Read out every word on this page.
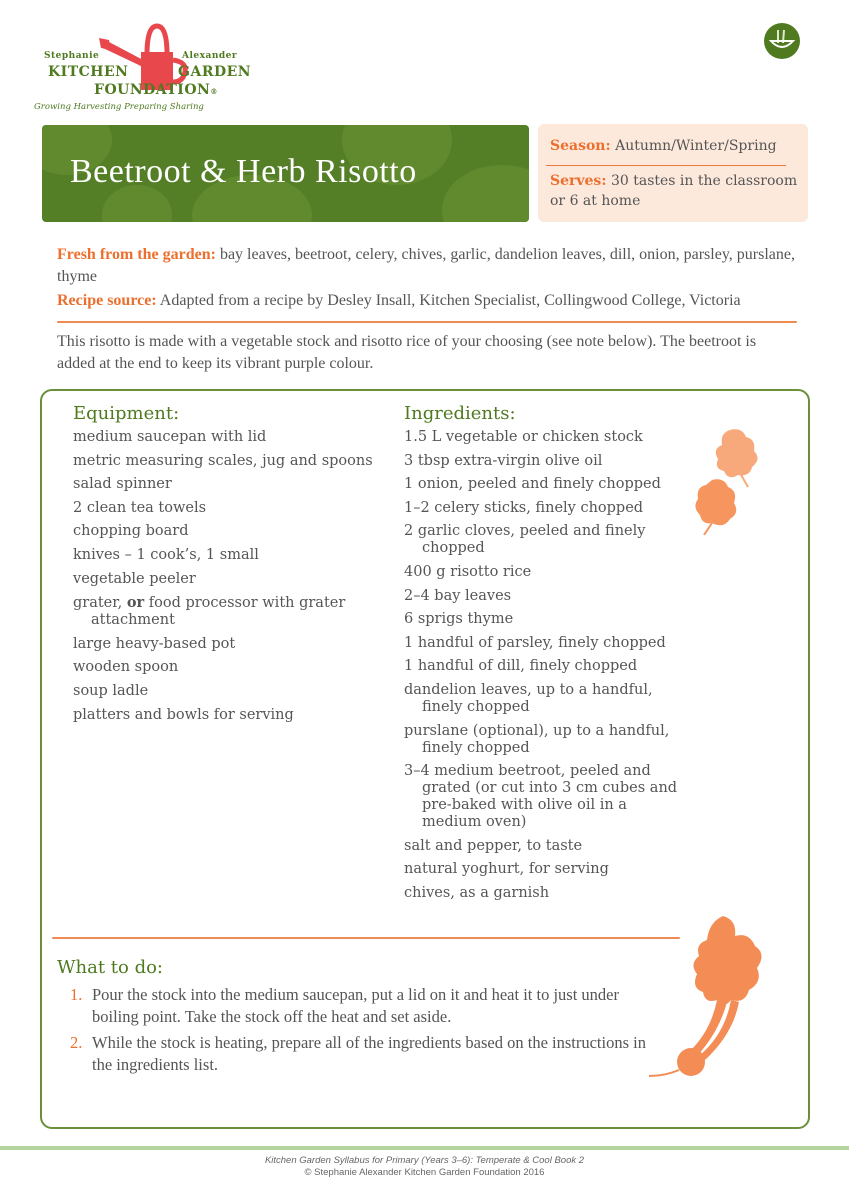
Stephanie	Alexander
KITCHEN	GARDEN
FOUNDATION®
Growing Harvesting Preparing Sharing
Beetroot & Herb Risotto
Season: Autumn/Winter/Spring
Serves: 30 tastes in the classroom or 6 at home
Fresh from the garden: bay leaves, beetroot, celery, chives, garlic, dandelion leaves, dill, onion, parsley, purslane, thyme
Recipe source: Adapted from a recipe by Desley Insall, Kitchen Specialist, Collingwood College, Victoria
This risotto is made with a vegetable stock and risotto rice of your choosing (see note below). The beetroot is added at the end to keep its vibrant purple colour.
Equipment:
medium saucepan with lid
metric measuring scales, jug and spoons
salad spinner
2 clean tea towels
chopping board
knives – 1 cook’s, 1 small
vegetable peeler
grater, or food processor with grater attachment
large heavy-based pot
wooden spoon
soup ladle
platters and bowls for serving
Ingredients:
1.5 L vegetable or chicken stock
3 tbsp extra-virgin olive oil
1 onion, peeled and finely chopped
1–2 celery sticks, finely chopped
2 garlic cloves, peeled and finely chopped
400 g risotto rice
2–4 bay leaves
6 sprigs thyme
1 handful of parsley, finely chopped
1 handful of dill, finely chopped
dandelion leaves, up to a handful, finely chopped
purslane (optional), up to a handful, finely chopped
3–4 medium beetroot, peeled and grated (or cut into 3 cm cubes and pre-baked with olive oil in a medium oven)
salt and pepper, to taste
natural yoghurt, for serving
chives, as a garnish
What to do:
1. Pour the stock into the medium saucepan, put a lid on it and heat it to just under boiling point. Take the stock off the heat and set aside.
2. While the stock is heating, prepare all of the ingredients based on the instructions in the ingredients list.
Kitchen Garden Syllabus for Primary (Years 3–6): Temperate & Cool Book 2
© Stephanie Alexander Kitchen Garden Foundation 2016
